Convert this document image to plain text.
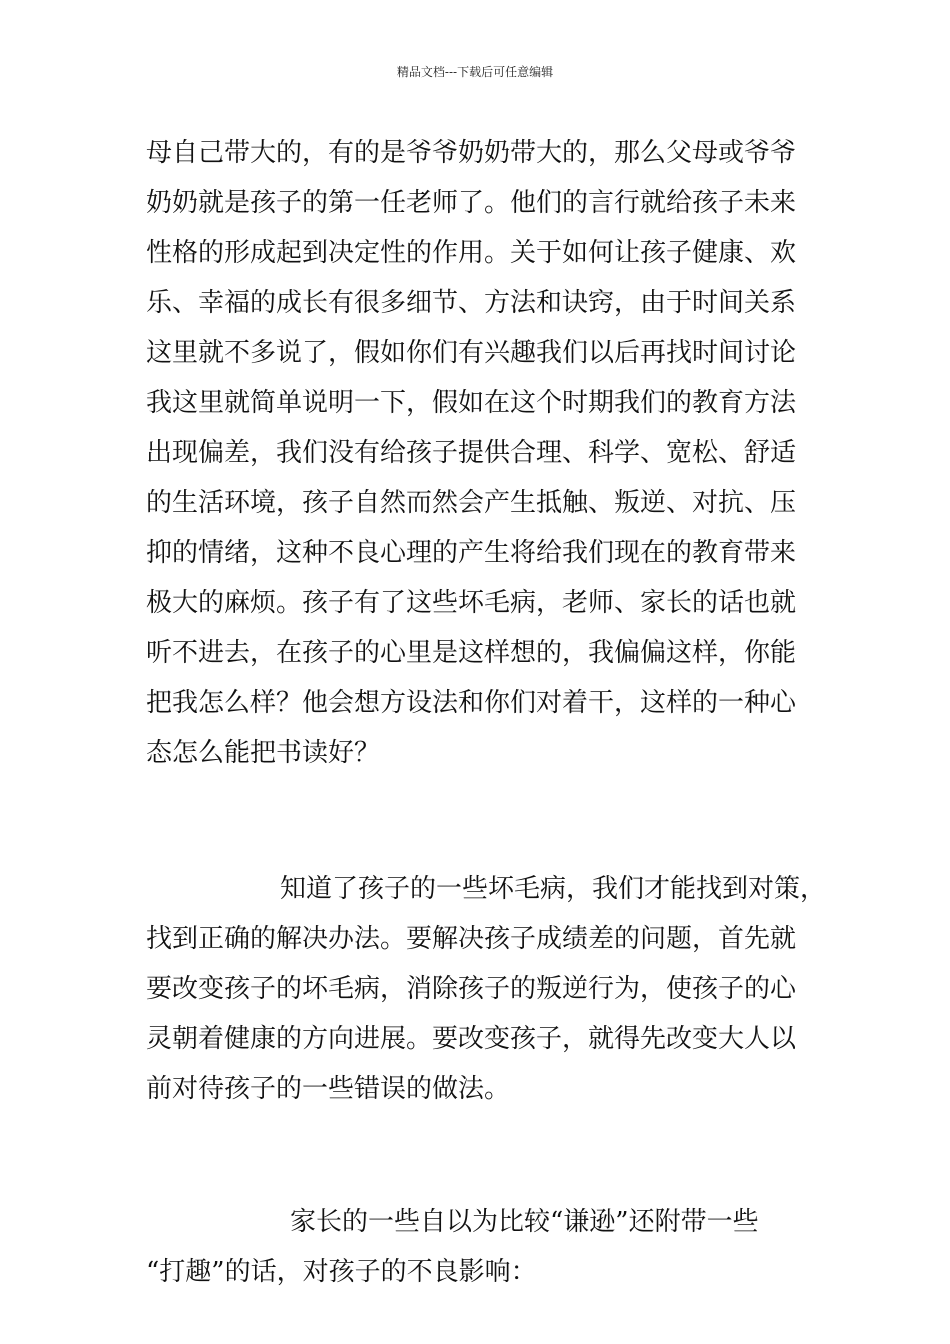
精品文档---下载后可任意编辑
母自己带大的，有的是爷爷奶奶带大的，那么父母或爷爷
奶奶就是孩子的第一任老师了。他们的言行就给孩子未来
性格的形成起到决定性的作用。关于如何让孩子健康、欢
乐、幸福的成长有很多细节、方法和诀窍，由于时间关系
这里就不多说了，假如你们有兴趣我们以后再找时间讨论
我这里就简单说明一下，假如在这个时期我们的教育方法
出现偏差，我们没有给孩子提供合理、科学、宽松、舒适
的生活环境，孩子自然而然会产生抵触、叛逆、对抗、压
抑的情绪，这种不良心理的产生将给我们现在的教育带来
极大的麻烦。孩子有了这些坏毛病，老师、家长的话也就
听不进去，在孩子的心里是这样想的，我偏偏这样，你能
把我怎么样？他会想方设法和你们对着干，这样的一种心
态怎么能把书读好？
知道了孩子的一些坏毛病，我们才能找到对策，
找到正确的解决办法。要解决孩子成绩差的问题，首先就
要改变孩子的坏毛病，消除孩子的叛逆行为，使孩子的心
灵朝着健康的方向进展。要改变孩子，就得先改变大人以
前对待孩子的一些错误的做法。
家长的一些自以为比较“谦逊”还附带一些
“打趣”的话，对孩子的不良影响：
